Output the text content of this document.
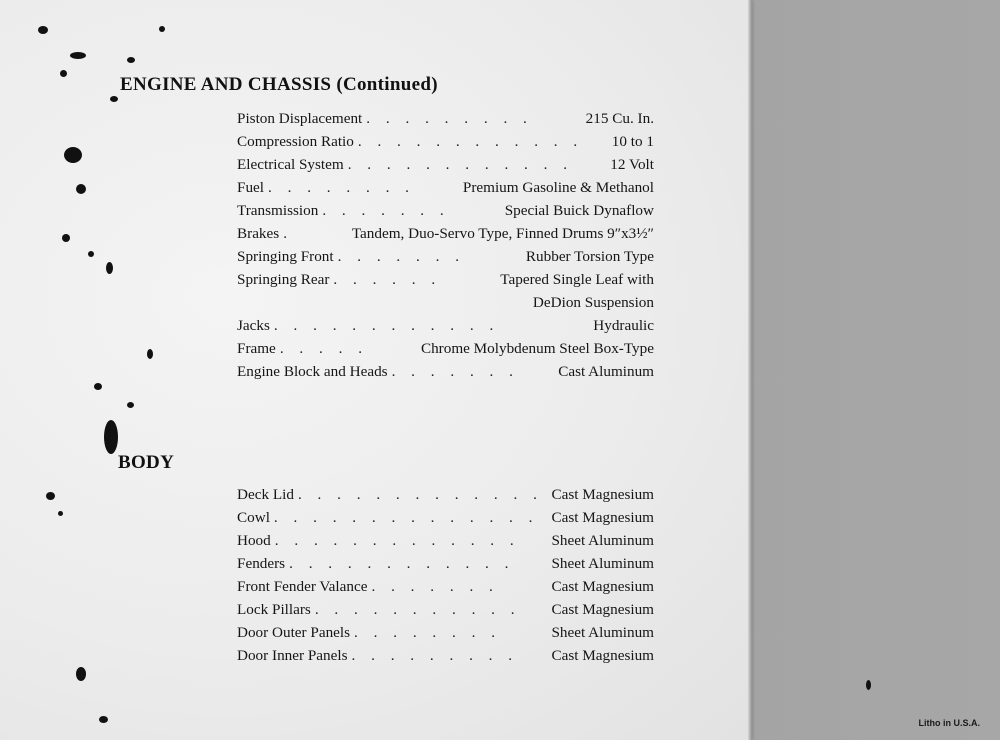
ENGINE AND CHASSIS (Continued)
Piston Displacement . . . . . . . . .	215 Cu. In.
Compression Ratio . . . . . . . . . . . .	10 to 1
Electrical System . . . . . . . . . . . .	12 Volt
Fuel . . . . . . . .	Premium Gasoline & Methanol
Transmission . . . . . . .	Special Buick Dynaflow
Brakes .	Tandem, Duo-Servo Type, Finned Drums 9″x3½″
Springing Front . . . . . . .	Rubber Torsion Type
Springing Rear . . . . . .	Tapered Single Leaf with
DeDion Suspension
Jacks . . . . . . . . . . . .	Hydraulic
Frame . . . . .	Chrome Molybdenum Steel Box-Type
Engine Block and Heads . . . . . . .	Cast Aluminum
BODY
Deck Lid . . . . . . . . . . . . . Cast Magnesium
Cowl . . . . . . . . . . . . . . Cast Magnesium
Hood . . . . . . . . . . . . .	Sheet Aluminum
Fenders . . . . . . . . . . . .	Sheet Aluminum
Front Fender Valance . . . . . . .	Cast Magnesium
Lock Pillars . . . . . . . . . . .	Cast Magnesium
Door Outer Panels . . . . . . . .	Sheet Aluminum
Door Inner Panels . . . . . . . . .	Cast Magnesium

Litho in U.S.A.
